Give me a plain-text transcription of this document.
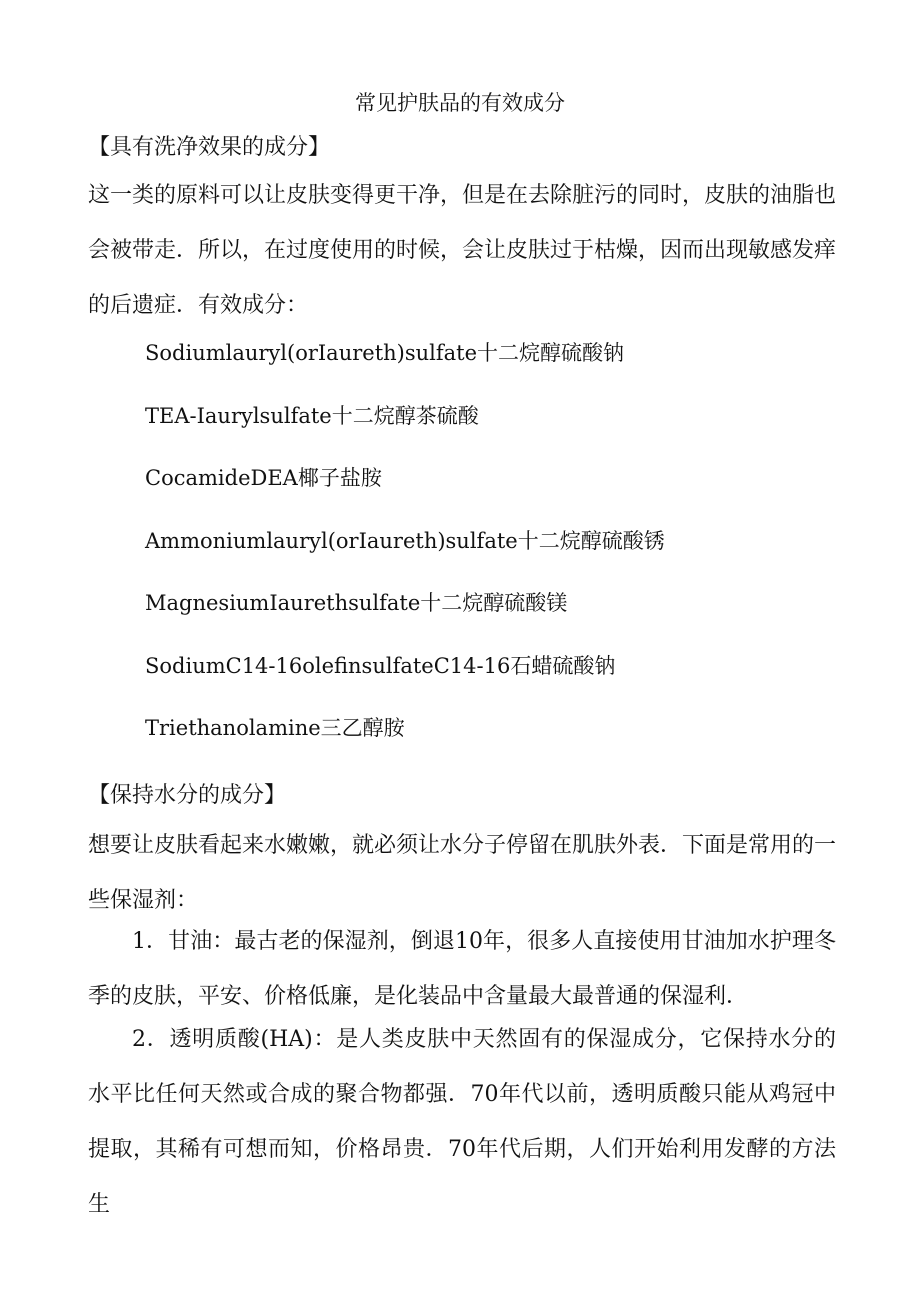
常见护肤品的有效成分
【具有洗净效果的成分】
这一类的原料可以让皮肤变得更干净，但是在去除脏污的同时，皮肤的油脂也会被带走．所以，在过度使用的时候，会让皮肤过于枯燥，因而出现敏感发痒的后遗症．有效成分：
Sodiumlauryl(orIaureth)sulfate十二烷醇硫酸钠
TEA-Iaurylsulfate十二烷醇茶硫酸
CocamideDEA椰子盐胺
Ammoniumlauryl(orIaureth)sulfate十二烷醇硫酸锈
MagnesiumIaurethsulfate十二烷醇硫酸镁
SodiumC14-16olefinsulfateC14-16石蜡硫酸钠
Triethanolamine三乙醇胺
【保持水分的成分】
想要让皮肤看起来水嫩嫩，就必须让水分子停留在肌肤外表．下面是常用的一些保湿剂：
1．甘油：最古老的保湿剂，倒退10年，很多人直接使用甘油加水护理冬季的皮肤，平安、价格低廉，是化装品中含量最大最普通的保湿利．
2．透明质酸(HA)：是人类皮肤中天然固有的保湿成分，它保持水分的水平比任何天然或合成的聚合物都强．70年代以前，透明质酸只能从鸡冠中提取，其稀有可想而知，价格昂贵．70年代后期，人们开始利用发酵的方法生
